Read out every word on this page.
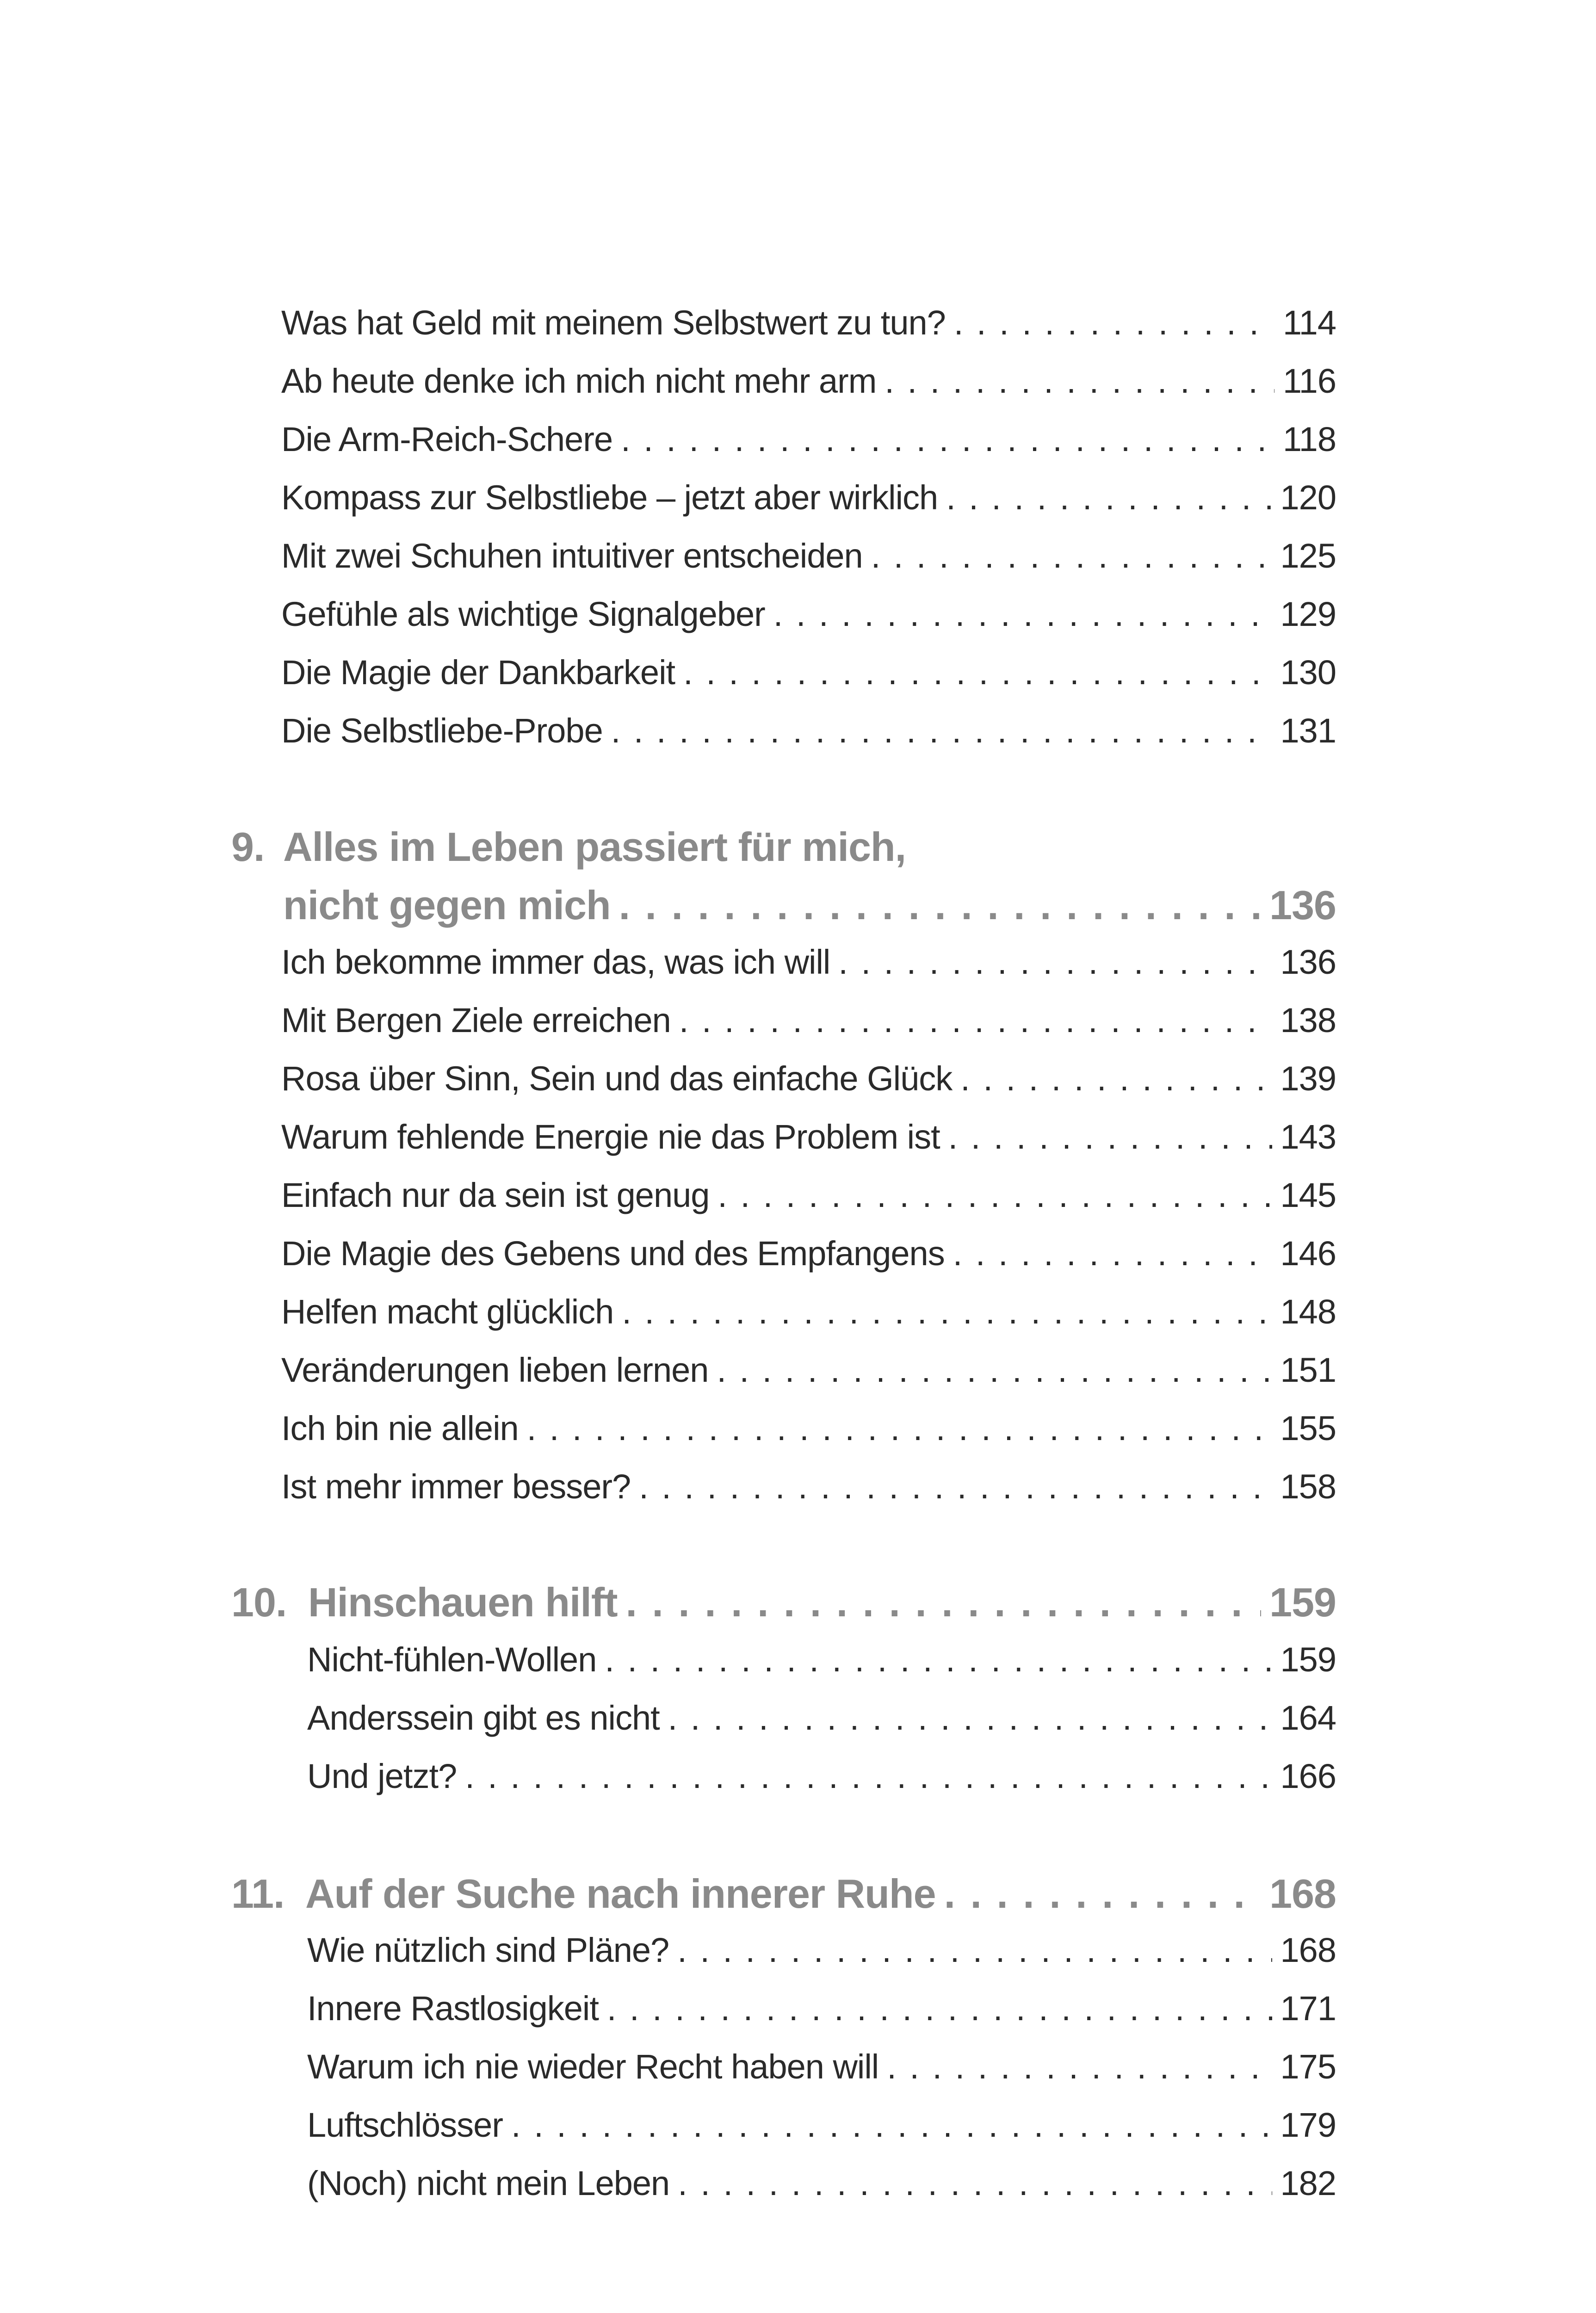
Was hat Geld mit meinem Selbstwert zu tun? . . .	114
Ab heute denke ich mich nicht mehr arm . . .	116
Die Arm-Reich-Schere . . .	118
Kompass zur Selbstliebe – jetzt aber wirklich . . .	120
Mit zwei Schuhen intuitiver entscheiden . . .	125
Gefühle als wichtige Signalgeber . . .	129
Die Magie der Dankbarkeit . . .	130
Die Selbstliebe-Probe . . .	131
9. Alles im Leben passiert für mich,
nicht gegen mich . . .	136
Ich bekomme immer das, was ich will . . .	136
Mit Bergen Ziele erreichen . . .	138
Rosa über Sinn, Sein und das einfache Glück . . .	139
Warum fehlende Energie nie das Problem ist . . .	143
Einfach nur da sein ist genug . . .	145
Die Magie des Gebens und des Empfangens . . .	146
Helfen macht glücklich . . .	148
Veränderungen lieben lernen . . .	151
Ich bin nie allein . . .	155
Ist mehr immer besser? . . .	158
10. Hinschauen hilft . . .	159
Nicht-fühlen-Wollen . . .	159
Anderssein gibt es nicht . . .	164
Und jetzt? . . .	166
11. Auf der Suche nach innerer Ruhe . . .	168
Wie nützlich sind Pläne? . . .	168
Innere Rastlosigkeit . . .	171
Warum ich nie wieder Recht haben will . . .	175
Luftschlösser . . .	179
(Noch) nicht mein Leben . . .	182
